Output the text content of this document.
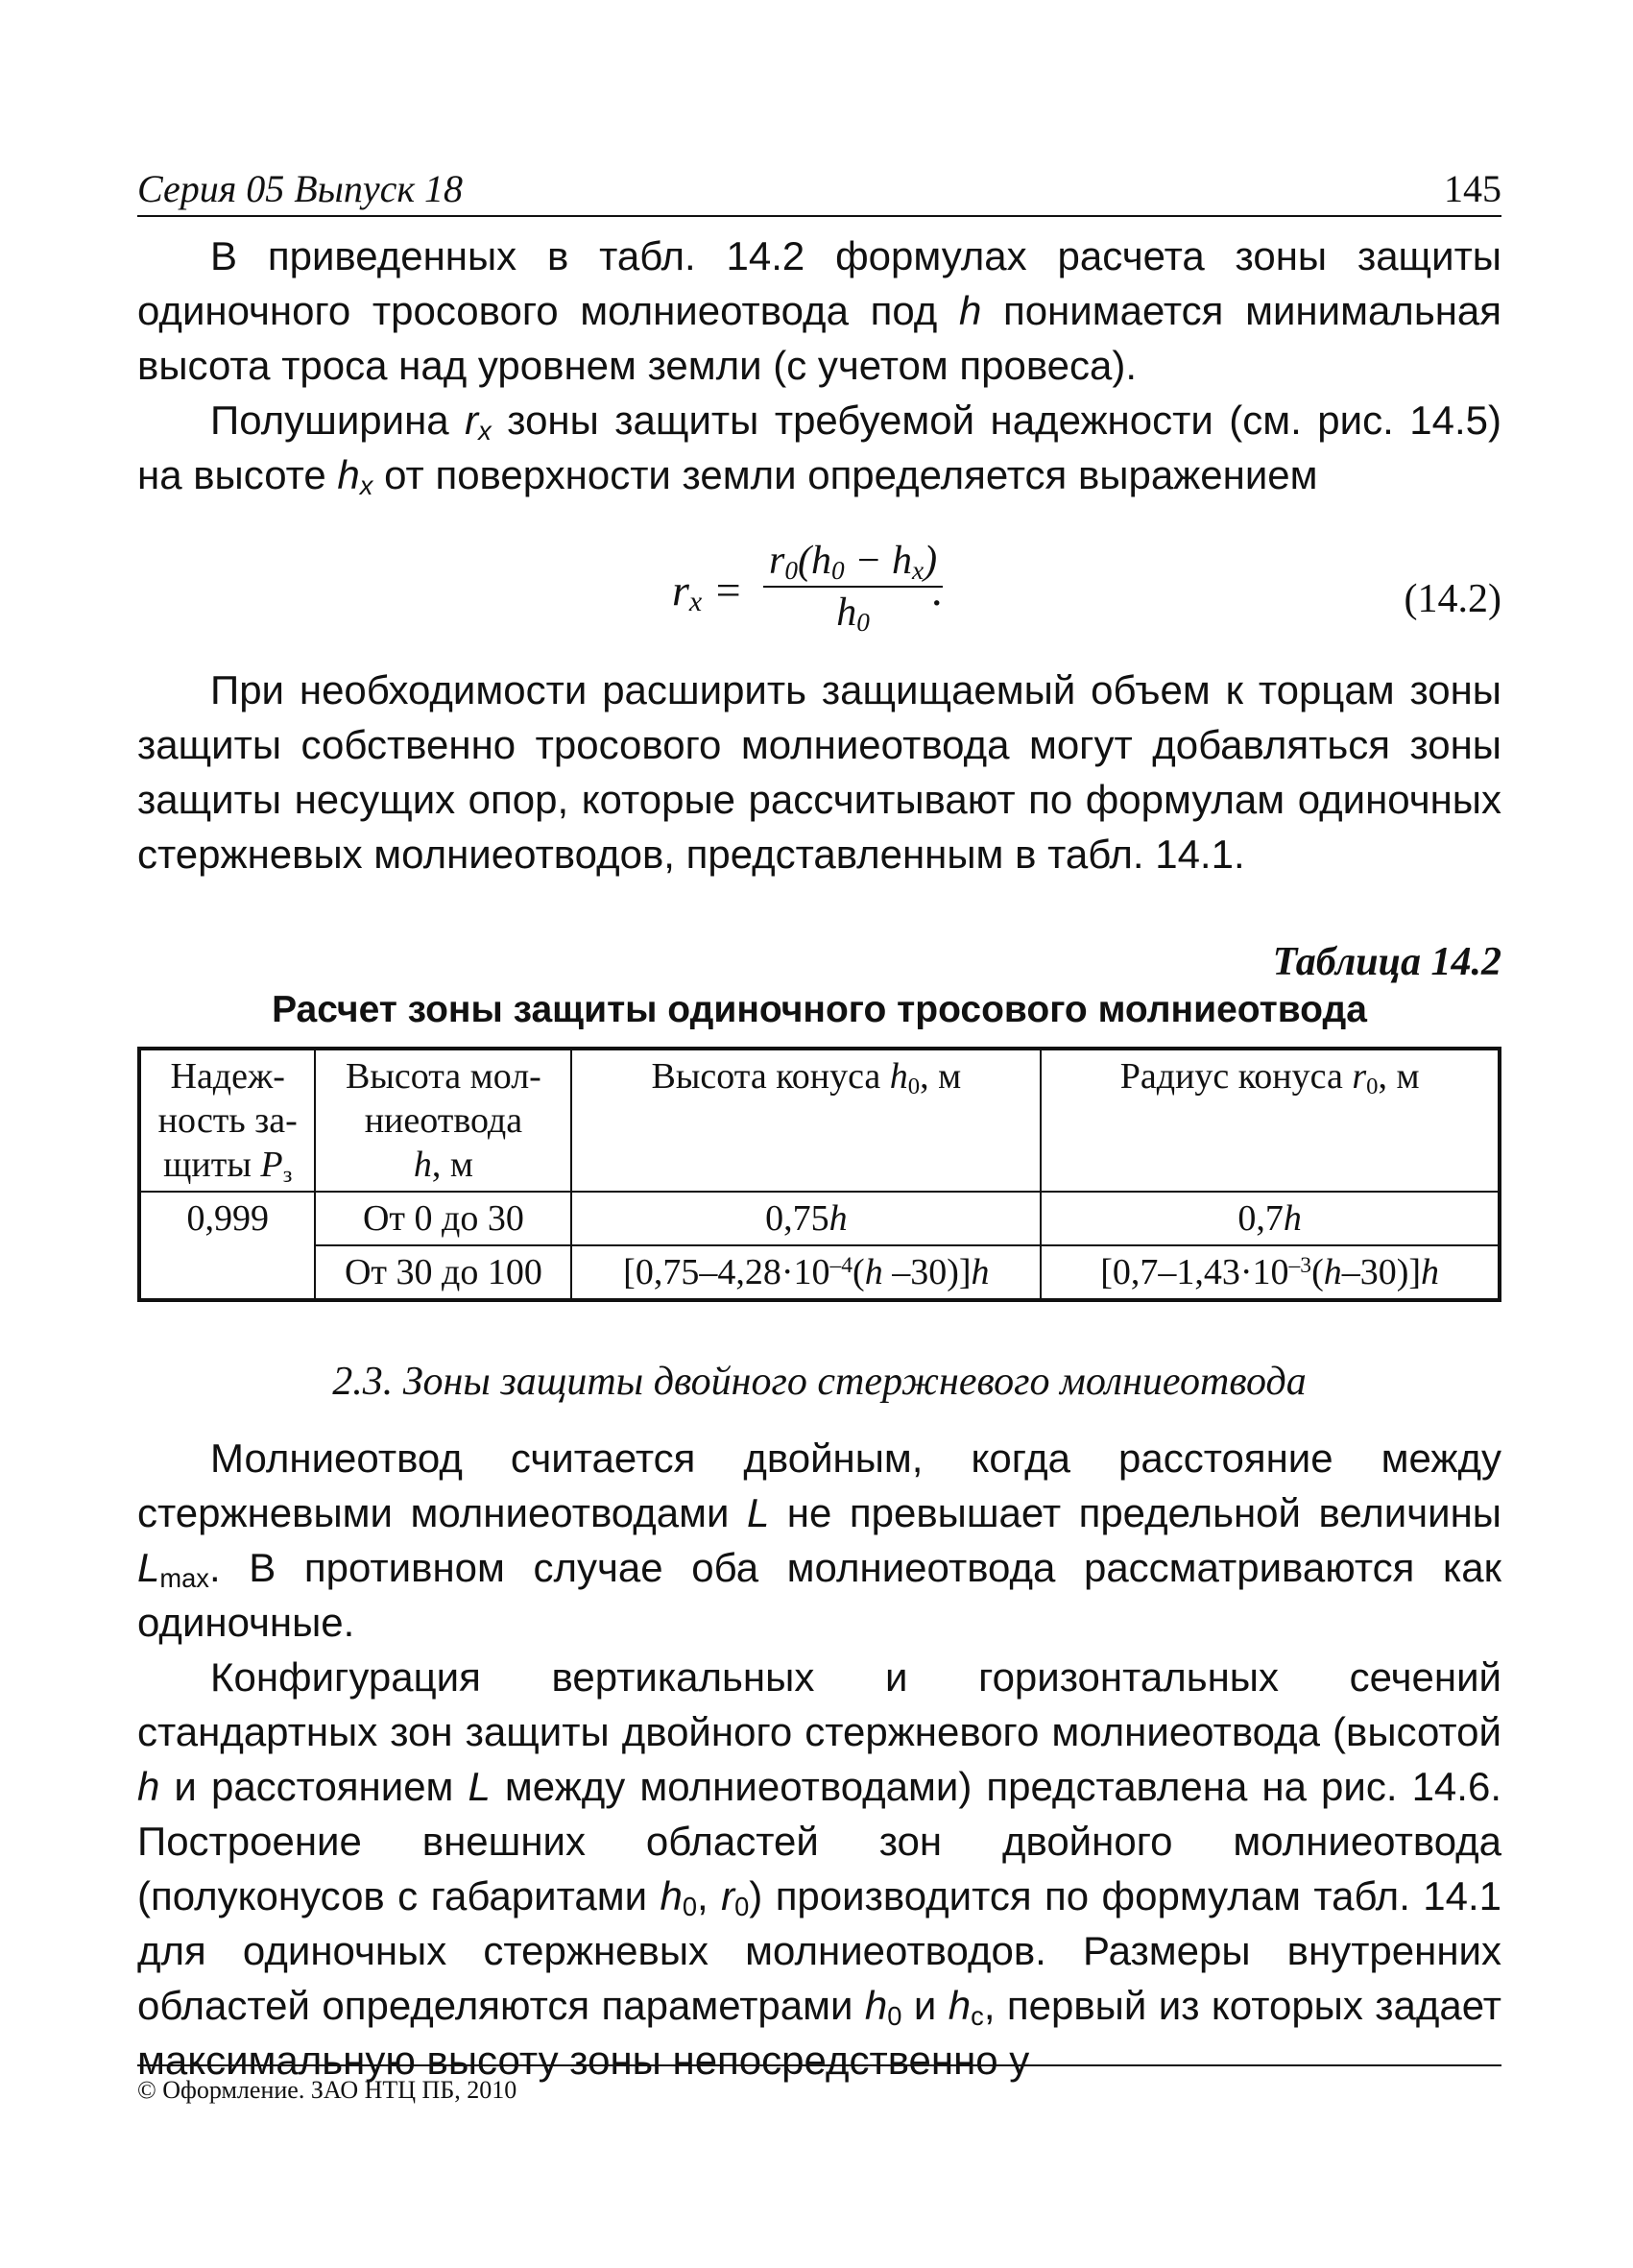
Серия 05 Выпуск 18	145

В приведенных в табл. 14.2 формулах расчета зоны защиты одиночного тросового молниеотвода под h понимается минимальная высота троса над уровнем земли (с учетом провеса).

Полуширина $r_x$ зоны защиты требуемой надежности (см. рис. 14.5) на высоте $h_x$ от поверхности земли определяется выражением

$r_x = \frac{r_0(h_0 - h_x)}{h_0}$
.	(14.2)

При необходимости расширить защищаемый объем к торцам зоны защиты собственно тросового молниеотвода могут добавляться зоны защиты несущих опор, которые рассчитывают по формулам одиночных стержневых молниеотводов, представленным в табл. 14.1.

Таблица 14.2
Расчет зоны защиты одиночного тросового молниеотвода
Надеж-
ность за-
щиты $P_з$	Высота мол-
ниеотвода
h, м	Высота конуса $h_0$, м	Радиус конуса $r_0$, м
0,999	От 0 до 30	0,75h	0,7h
	От 30 до 100	[$0,75-4,28\cdot 10^{-4}(h$ –30)]h	$[0,7-1,43\cdot 10^{-3}(h-30)]h$
2.3. Зоны защиты двойного стержневого молниеотвода

Молниеотвод считается двойным, когда расстояние между стержневыми молниеотводами L не превышает предельной величины $L_{max}$. В противном случае оба молниеотвода рассматриваются как одиночные.

Конфигурация вертикальных и горизонтальных сечений стандартных зон защиты двойного стержневого молниеотвода (высотой h и расстоянием L между молниеотводами) представлена на рис. 14.6. Построение внешних областей зон двойного молниеотвода (полуконусов с габаритами $h_0$, $r_0$) производится по формулам табл. 14.1 для одиночных стержневых молниеотводов. Размеры внутренних областей определяются параметрами $h_0$ и $h_c$, первый из которых задает максимальную высоту зоны непосредственно у

© Оформление. ЗАО НТЦ ПБ, 2010
